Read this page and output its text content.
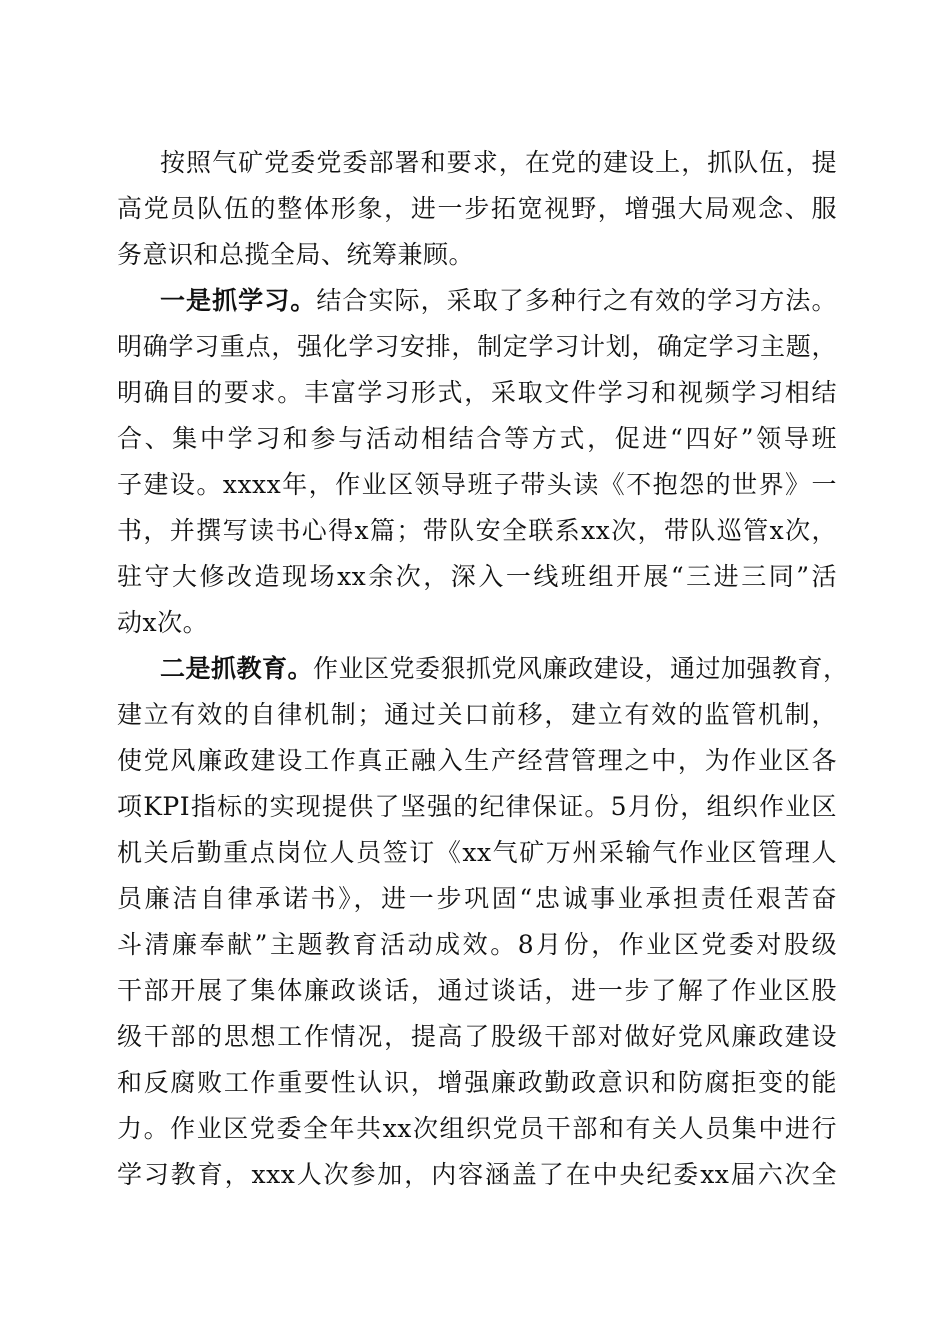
按照气矿党委党委部署和要求，在党的建设上，抓队伍，提
高党员队伍的整体形象，进一步拓宽视野，增强大局观念、服
务意识和总揽全局、统筹兼顾。
一是抓学习。结合实际，采取了多种行之有效的学习方法。
明确学习重点，强化学习安排，制定学习计划，确定学习主题，
明确目的要求。丰富学习形式，采取文件学习和视频学习相结
合、集中学习和参与活动相结合等方式，促进“四好”领导班
子建设。xxxx年，作业区领导班子带头读《不抱怨的世界》一
书，并撰写读书心得x篇；带队安全联系xx次，带队巡管x次，
驻守大修改造现场xx余次，深入一线班组开展“三进三同”活
动x次。
二是抓教育。作业区党委狠抓党风廉政建设，通过加强教育，
建立有效的自律机制；通过关口前移，建立有效的监管机制，
使党风廉政建设工作真正融入生产经营管理之中，为作业区各
项KPI指标的实现提供了坚强的纪律保证。5月份，组织作业区
机关后勤重点岗位人员签订《xx气矿万州采输气作业区管理人
员廉洁自律承诺书》，进一步巩固“忠诚事业承担责任艰苦奋
斗清廉奉献”主题教育活动成效。8月份，作业区党委对股级
干部开展了集体廉政谈话，通过谈话，进一步了解了作业区股
级干部的思想工作情况，提高了股级干部对做好党风廉政建设
和反腐败工作重要性认识，增强廉政勤政意识和防腐拒变的能
力。作业区党委全年共xx次组织党员干部和有关人员集中进行
学习教育，xxx人次参加，内容涵盖了在中央纪委xx届六次全
